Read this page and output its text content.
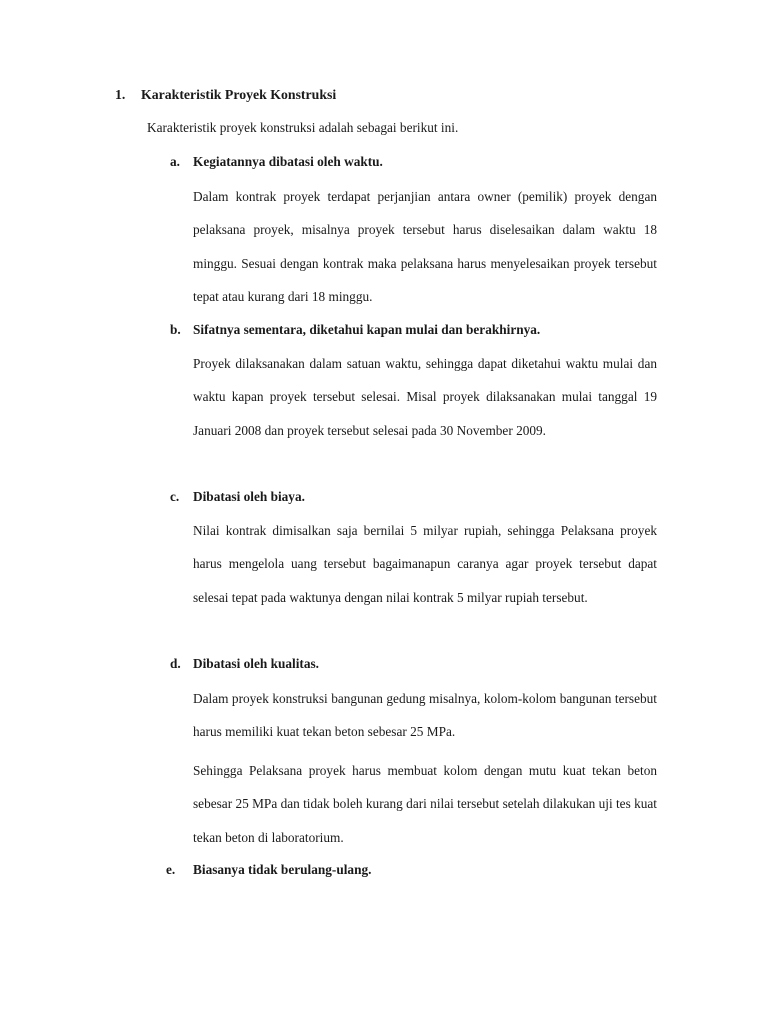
1. Karakteristik Proyek Konstruksi
Karakteristik proyek konstruksi adalah sebagai berikut ini.
a. Kegiatannya dibatasi oleh waktu.

Dalam kontrak proyek terdapat perjanjian antara owner (pemilik) proyek dengan pelaksana proyek, misalnya proyek tersebut harus diselesaikan dalam waktu 18 minggu. Sesuai dengan kontrak maka pelaksana harus menyelesaikan proyek tersebut tepat atau kurang dari 18 minggu.

b. Sifatnya sementara, diketahui kapan mulai dan berakhirnya.

Proyek dilaksanakan dalam satuan waktu, sehingga dapat diketahui waktu mulai dan waktu kapan proyek tersebut selesai. Misal proyek dilaksanakan mulai tanggal 19 Januari 2008 dan proyek tersebut selesai pada 30 November 2009.

c. Dibatasi oleh biaya.

Nilai kontrak dimisalkan saja bernilai 5 milyar rupiah, sehingga Pelaksana proyek harus mengelola uang tersebut bagaimanapun caranya agar proyek tersebut dapat selesai tepat pada waktunya dengan nilai kontrak 5 milyar rupiah tersebut.

d. Dibatasi oleh kualitas.

Dalam proyek konstruksi bangunan gedung misalnya, kolom-kolom bangunan tersebut harus memiliki kuat tekan beton sebesar 25 MPa.

Sehingga Pelaksana proyek harus membuat kolom dengan mutu kuat tekan beton sebesar 25 MPa dan tidak boleh kurang dari nilai tersebut setelah dilakukan uji tes kuat tekan beton di laboratorium.

e. Biasanya tidak berulang-ulang.
